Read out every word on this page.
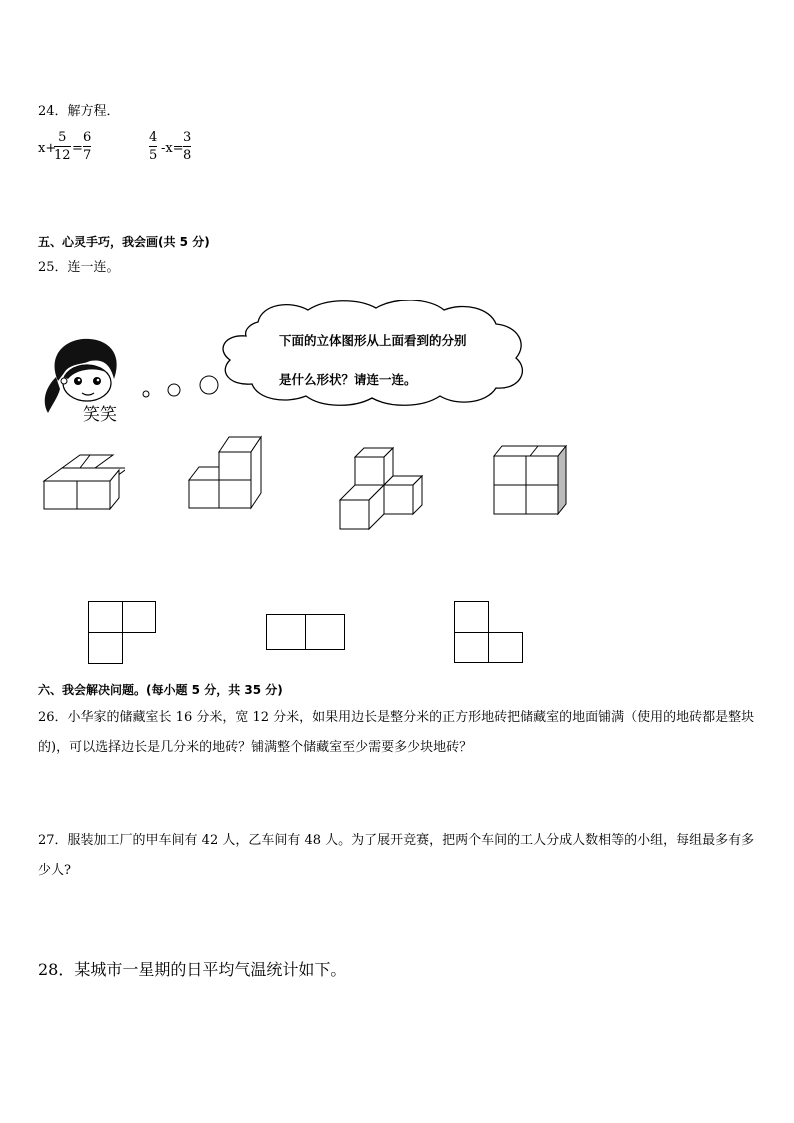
24．解方程．
x+
5
12 =
6
7
4
5 -x=
3
8
五、心灵手巧，我会画(共 5 分)
25．连一连。
笑笑
下面的立体图形从上面看到的分别
是什么形状？请连一连。
六、我会解决问题。(每小题 5 分，共 35 分)
26．小华家的储藏室长 16 分米，宽 12 分米，如果用边长是整分米的正方形地砖把储藏室的地面铺满（使用的地砖都是整块的)，可以选择边长是几分米的地砖？铺满整个储藏室至少需要多少块地砖？
27．服装加工厂的甲车间有 42 人，乙车间有 48 人。为了展开竞赛，把两个车间的工人分成人数相等的小组，每组最多有多少人?
28．某城市一星期的日平均气温统计如下。
